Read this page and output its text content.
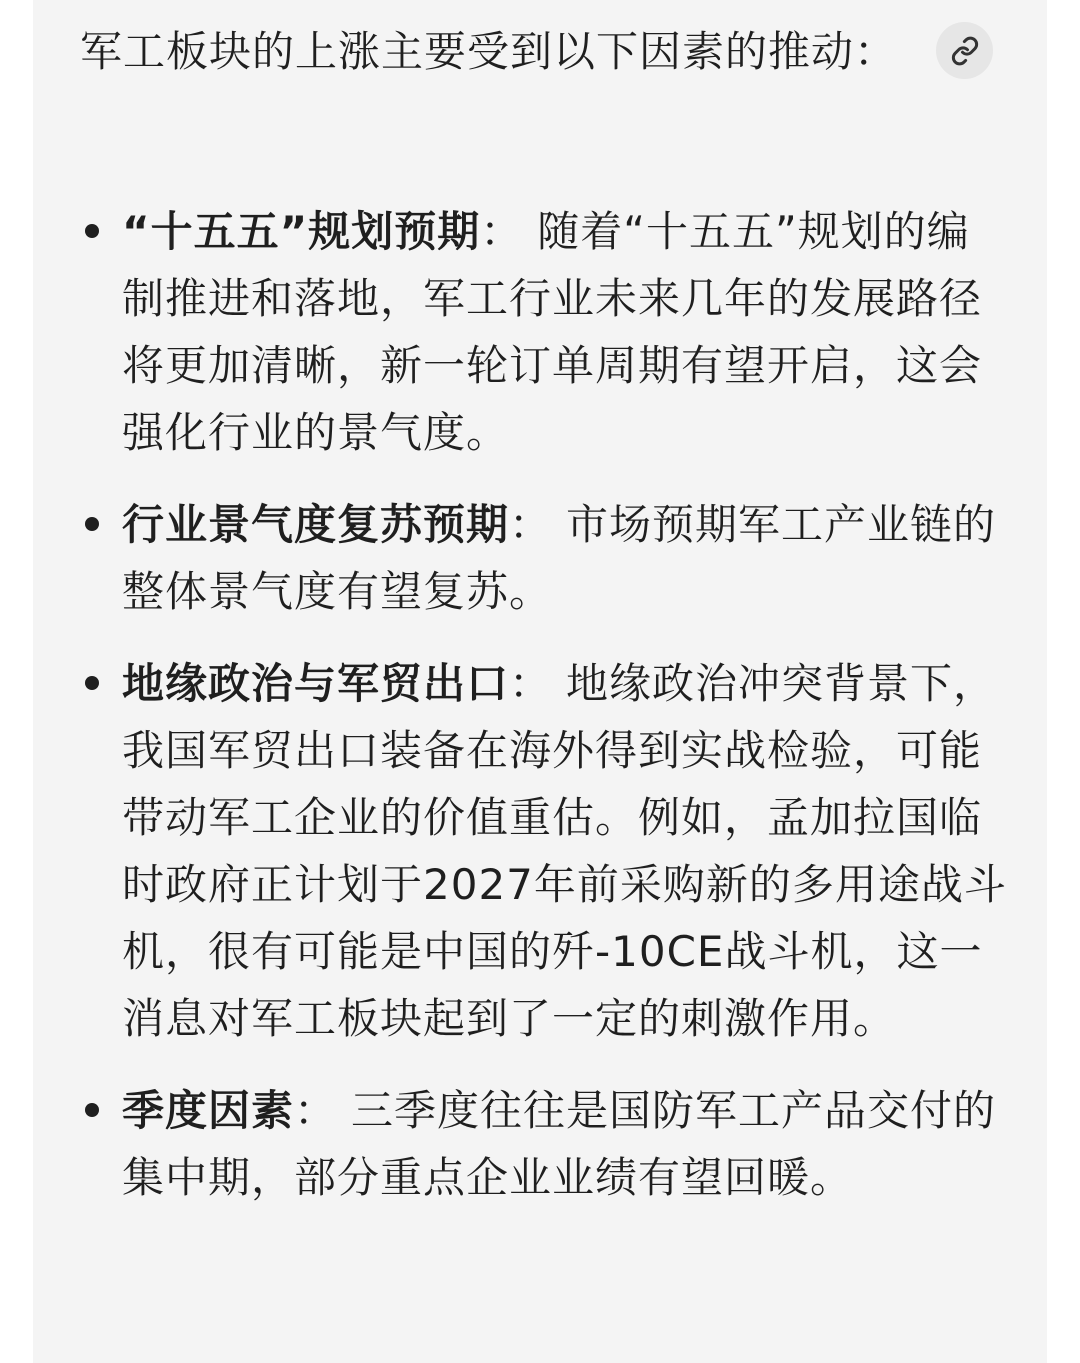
军工板块的上涨主要受到以下因素的推动：

“十五五”规划预期： 随着“十五五”规划的编制推进和落地，军工行业未来几年的发展路径将更加清晰，新一轮订单周期有望开启，这会强化行业的景气度。
行业景气度复苏预期： 市场预期军工产业链的整体景气度有望复苏。
地缘政治与军贸出口： 地缘政治冲突背景下，我国军贸出口装备在海外得到实战检验，可能带动军工企业的价值重估。例如，孟加拉国临时政府正计划于2027年前采购新的多用途战斗机，很有可能是中国的歼-10CE战斗机，这一消息对军工板块起到了一定的刺激作用。
季度因素： 三季度往往是国防军工产品交付的集中期，部分重点企业业绩有望回暖。
